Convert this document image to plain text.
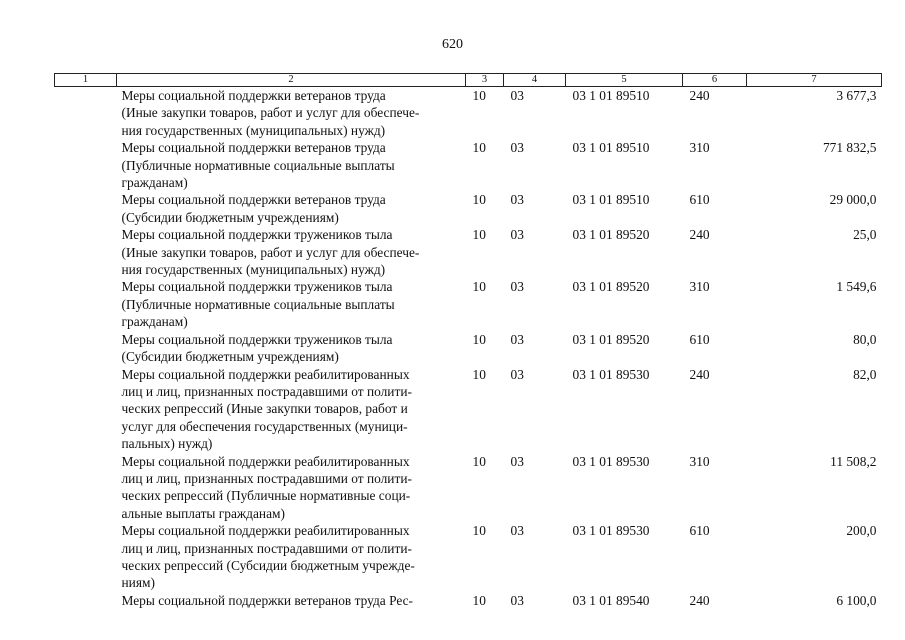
620
1	2	3	4	5	6	7

	Меры социальной поддержки ветеранов труда
(Иные закупки товаров, работ и услуг для обеспече-
ния государственных (муниципальных) нужд)	10	03	03 1 01 89510	240	3 677,3

	Меры социальной поддержки ветеранов труда
(Публичные нормативные социальные выплаты
гражданам)	10	03	03 1 01 89510	310	771 832,5

	Меры социальной поддержки ветеранов труда
(Субсидии бюджетным учреждениям)	10	03	03 1 01 89510	610	29 000,0

	Меры социальной поддержки тружеников тыла
(Иные закупки товаров, работ и услуг для обеспече-
ния государственных (муниципальных) нужд)	10	03	03 1 01 89520	240	25,0

	Меры социальной поддержки тружеников тыла
(Публичные нормативные социальные выплаты
гражданам)	10	03	03 1 01 89520	310	1 549,6

	Меры социальной поддержки тружеников тыла
(Субсидии бюджетным учреждениям)	10	03	03 1 01 89520	610	80,0

	Меры социальной поддержки реабилитированных
лиц и лиц, признанных пострадавшими от полити-
ческих репрессий (Иные закупки товаров, работ и
услуг для обеспечения государственных (муници-
пальных) нужд)	10	03	03 1 01 89530	240	82,0

	Меры социальной поддержки реабилитированных
лиц и лиц, признанных пострадавшими от полити-
ческих репрессий (Публичные нормативные соци-
альные выплаты гражданам)	10	03	03 1 01 89530	310	11 508,2

	Меры социальной поддержки реабилитированных
лиц и лиц, признанных пострадавшими от полити-
ческих репрессий (Субсидии бюджетным учрежде-
ниям)	10	03	03 1 01 89530	610	200,0

	Меры социальной поддержки ветеранов труда Рес-	10	03	03 1 01 89540	240	6 100,0
